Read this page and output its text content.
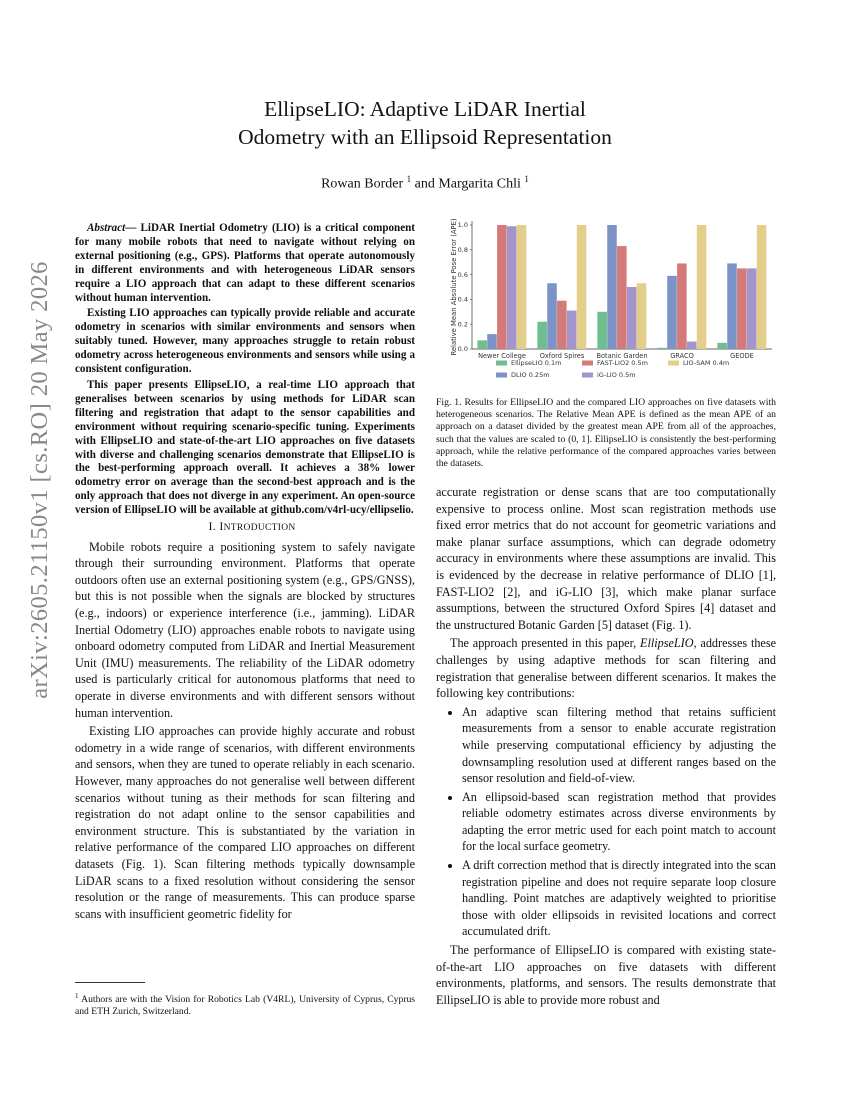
arXiv:2605.21150v1 [cs.RO] 20 May 2026
EllipseLIO: Adaptive LiDAR Inertial
Odometry with an Ellipsoid Representation
Rowan Border $^1$ and Margarita Chli $^1$

Abstract— LiDAR Inertial Odometry (LIO) is a critical component for many mobile robots that need to navigate without relying on external positioning (e.g., GPS). Platforms that operate autonomously in different environments and with heterogeneous LiDAR sensors require a LIO approach that can adapt to these different scenarios without human intervention.

Existing LIO approaches can typically provide reliable and accurate odometry in scenarios with similar environments and sensors when suitably tuned. However, many approaches struggle to retain robust odometry across heterogeneous environments and sensors while using a consistent configuration.

This paper presents EllipseLIO, a real-time LIO approach that generalises between scenarios by using methods for LiDAR scan filtering and registration that adapt to the sensor capabilities and environment without requiring scenario-specific tuning. Experiments with EllipseLIO and state-of-the-art LIO approaches on five datasets with diverse and challenging scenarios demonstrate that EllipseLIO is the best-performing approach overall. It achieves a 38% lower odometry error on average than the second-best approach and is the only approach that does not diverge in any experiment. An open-source version of EllipseLIO will be available at github.com/v4rl-ucy/ellipselio.

I. INTRODUCTION

Mobile robots require a positioning system to safely navigate through their surrounding environment. Platforms that operate outdoors often use an external positioning system (e.g., GPS/GNSS), but this is not possible when the signals are blocked by structures (e.g., indoors) or experience interference (i.e., jamming). LiDAR Inertial Odometry (LIO) approaches enable robots to navigate using onboard odometry computed from LiDAR and Inertial Measurement Unit (IMU) measurements. The reliability of the LiDAR odometry used is particularly critical for autonomous platforms that need to operate in diverse environments and with different sensors without human intervention.

Existing LIO approaches can provide highly accurate and robust odometry in a wide range of scenarios, with different environments and sensors, when they are tuned to operate reliably in each scenario. However, many approaches do not generalise well between different scenarios without tuning as their methods for scan filtering and registration do not adapt online to the sensor capabilities and environment structure. This is substantiated by the variation in relative performance of the compared LIO approaches on different datasets (Fig. 1). Scan filtering methods typically downsample LiDAR scans to a fixed resolution without considering the sensor resolution or the range of measurements. This can produce sparse scans with insufficient geometric fidelity for

$^1$ Authors are with the Vision for Robotics Lab (V4RL), University of Cyprus, Cyprus and ETH Zurich, Switzerland.
Relative Mean Absolute Pose Error (APE) 0.0
0.2
0.4
0.6
0.8
1.0
Newer College Oxford Spires Botanic Garden	GRACO	GEODE
EllipseLIO 0.1m
DLIO 0.25m
FAST-LIO2 0.5m
iG-LIO 0.5m
LIO-SAM 0.4m
Fig. 1. Results for EllipseLIO and the compared LIO approaches on five datasets with heterogeneous scenarios. The Relative Mean APE is defined as the mean APE of an approach on a dataset divided by the greatest mean APE from all of the approaches, such that the values are scaled to (0, 1]. EllipseLIO is consistently the best-performing approach, while the relative performance of the compared approaches varies between the datasets.

accurate registration or dense scans that are too computationally expensive to process online. Most scan registration methods use fixed error metrics that do not account for geometric variations and make planar surface assumptions, which can degrade odometry accuracy in environments where these assumptions are invalid. This is evidenced by the decrease in relative performance of DLIO [1], FAST-LIO2 [2], and iG-LIO [3], which make planar surface assumptions, between the structured Oxford Spires [4] dataset and the unstructured Botanic Garden [5] dataset (Fig. 1).

The approach presented in this paper, EllipseLIO, addresses these challenges by using adaptive methods for scan filtering and registration that generalise between different scenarios. It makes the following key contributions:

• An adaptive scan filtering method that retains sufficient measurements from a sensor to enable accurate registration while preserving computational efficiency by adjusting the downsampling resolution used at different ranges based on the sensor resolution and field-of-view.
• An ellipsoid-based scan registration method that provides reliable odometry estimates across diverse environments by adapting the error metric used for each point match to account for the local surface geometry.
• A drift correction method that is directly integrated into the scan registration pipeline and does not require separate loop closure handling. Point matches are adaptively weighted to prioritise those with older ellipsoids in revisited locations and correct accumulated drift.

The performance of EllipseLIO is compared with existing state-of-the-art LIO approaches on five datasets with different environments, platforms, and sensors. The results demonstrate that EllipseLIO is able to provide more robust and
